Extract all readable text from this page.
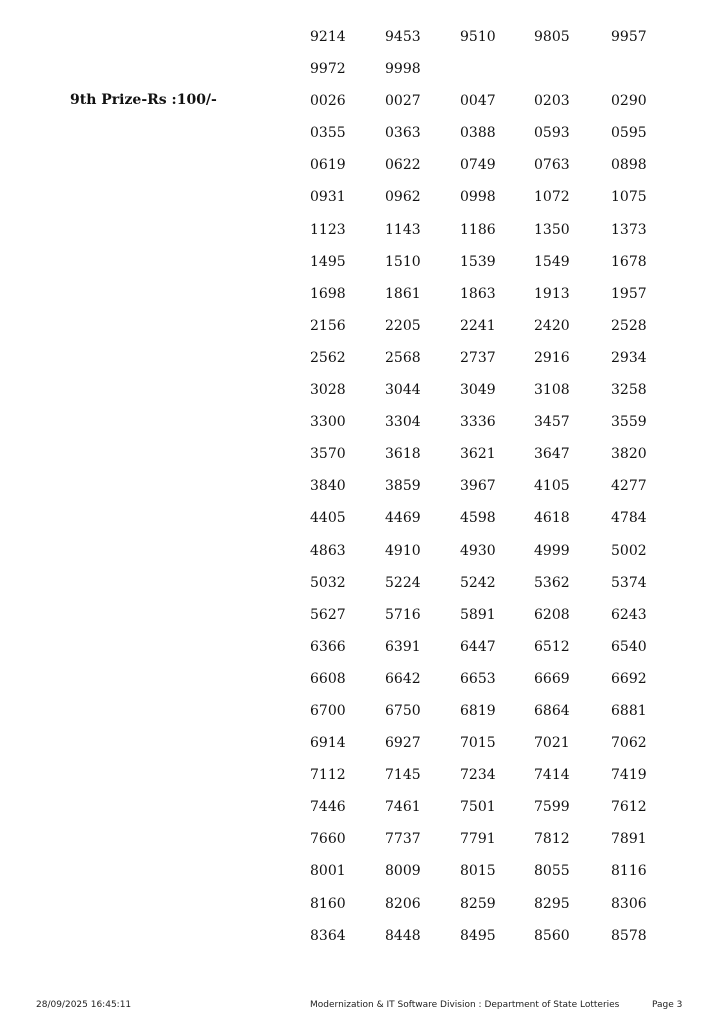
9th Prize-Rs :100/-
9214	9453	9510	9805	9957
9972	9998
0026	0027	0047	0203	0290
0355	0363	0388	0593	0595
0619	0622	0749	0763	0898
0931	0962	0998	1072	1075
1123	1143	1186	1350	1373
1495	1510	1539	1549	1678
1698	1861	1863	1913	1957
2156	2205	2241	2420	2528
2562	2568	2737	2916	2934
3028	3044	3049	3108	3258
3300	3304	3336	3457	3559
3570	3618	3621	3647	3820
3840	3859	3967	4105	4277
4405	4469	4598	4618	4784
4863	4910	4930	4999	5002
5032	5224	5242	5362	5374
5627	5716	5891	6208	6243
6366	6391	6447	6512	6540
6608	6642	6653	6669	6692
6700	6750	6819	6864	6881
6914	6927	7015	7021	7062
7112	7145	7234	7414	7419
7446	7461	7501	7599	7612
7660	7737	7791	7812	7891
8001	8009	8015	8055	8116
8160	8206	8259	8295	8306
8364	8448	8495	8560	8578
28/09/2025 16:45:11	Modernization & IT Software Division : Department of State Lotteries	Page 3
